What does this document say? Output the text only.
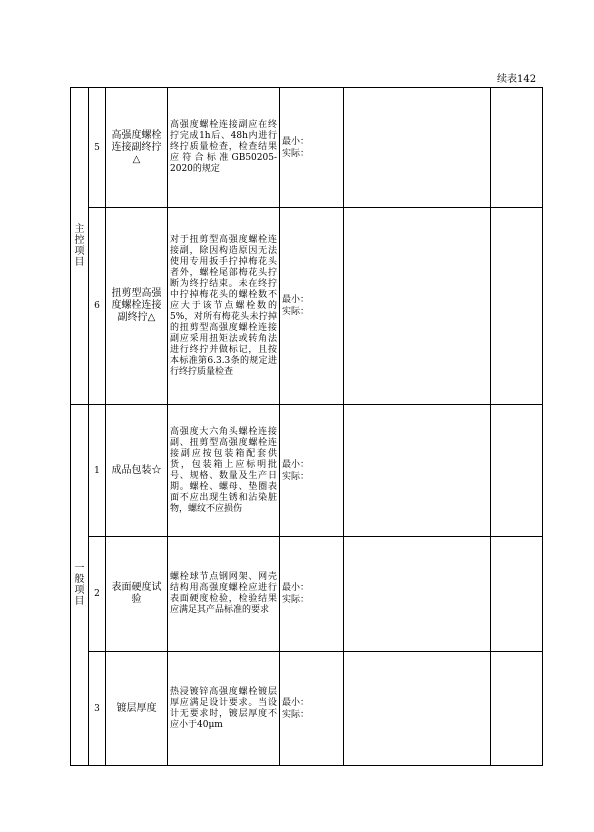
续表142
主控项目	5	高强度螺栓连接副终拧△	高强度螺栓连接副应在终拧完成1h后、48h内进行终拧质量检查，检查结果应符合标准GB50205-2020的规定	最小：
实际：		

	6	扭剪型高强度螺栓连接副终拧△	对于扭剪型高强度螺栓连接副，除因构造原因无法使用专用扳手拧掉梅花头者外，螺栓尾部梅花头拧断为终拧结束。未在终拧中拧掉梅花头的螺栓数不应大于该节点螺栓数的5%，对所有梅花头未拧掉的扭剪型高强度螺栓连接副应采用扭矩法或转角法进行终拧并做标记，且按本标准第6.3.3条的规定进行终拧质量检查	最小：
实际：		

一般项目	1	成品包装☆	高强度大六角头螺栓连接副、扭剪型高强度螺栓连接副应按包装箱配套供货，包装箱上应标明批号、规格、数量及生产日期。螺栓、螺母、垫圈表面不应出现生锈和沾染脏物，螺纹不应损伤	最小：
实际：		

	2	表面硬度试验	螺栓球节点钢网架、网壳结构用高强度螺栓应进行表面硬度检验，检验结果应满足其产品标准的要求	最小：
实际：		

	3	镀层厚度	热浸镀锌高强度螺栓镀层厚应满足设计要求。当设计无要求时，镀层厚度不应小于40μm	最小：
实际：		
